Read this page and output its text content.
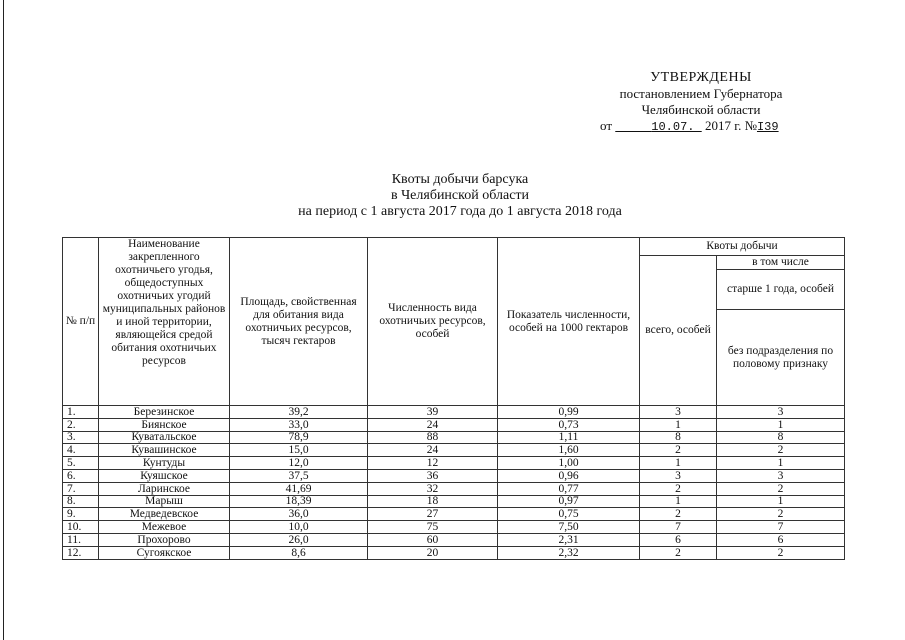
УТВЕРЖДЕНЫ
постановлением Губернатора
Челябинской области
от	10.07. 2017 г. №I39
Квоты добычи барсука
в Челябинской области
на период с 1 августа 2017 года до 1 августа 2018 года
№ п/п	Наименование закрепленного охотничьего угодья, общедоступных охотничьих угодий муниципальных районов и иной территории, являющейся средой обитания охотничьих ресурсов	Площадь, свойственная для обитания вида охотничьих ресурсов, тысяч гектаров	Численность вида охотничьих ресурсов, особей	Показатель численности, особей на 1000 гектаров	Квоты добычи	
					всего, особей	в том числе
						старше 1 года, особей
						без подразделения по половому признаку
1.	Березинское	39,2	39	0,99	3	3
2.	Биянское	33,0	24	0,73	1	1
3.	Куватальское	78,9	88	1,11	8	8
4.	Кувашинское	15,0	24	1,60	2	2
5.	Кунтуды	12,0	12	1,00	1	1
6.	Куяшское	37,5	36	0,96	3	3
7.	Ларинское	41,69	32	0,77	2	2
8.	Марыш	18,39	18	0,97	1	1
9.	Медведевское	36,0	27	0,75	2	2
10.	Межевое	10,0	75	7,50	7	7
11.	Прохорово	26,0	60	2,31	6	6
12.	Сугоякское	8,6	20	2,32	2	2
